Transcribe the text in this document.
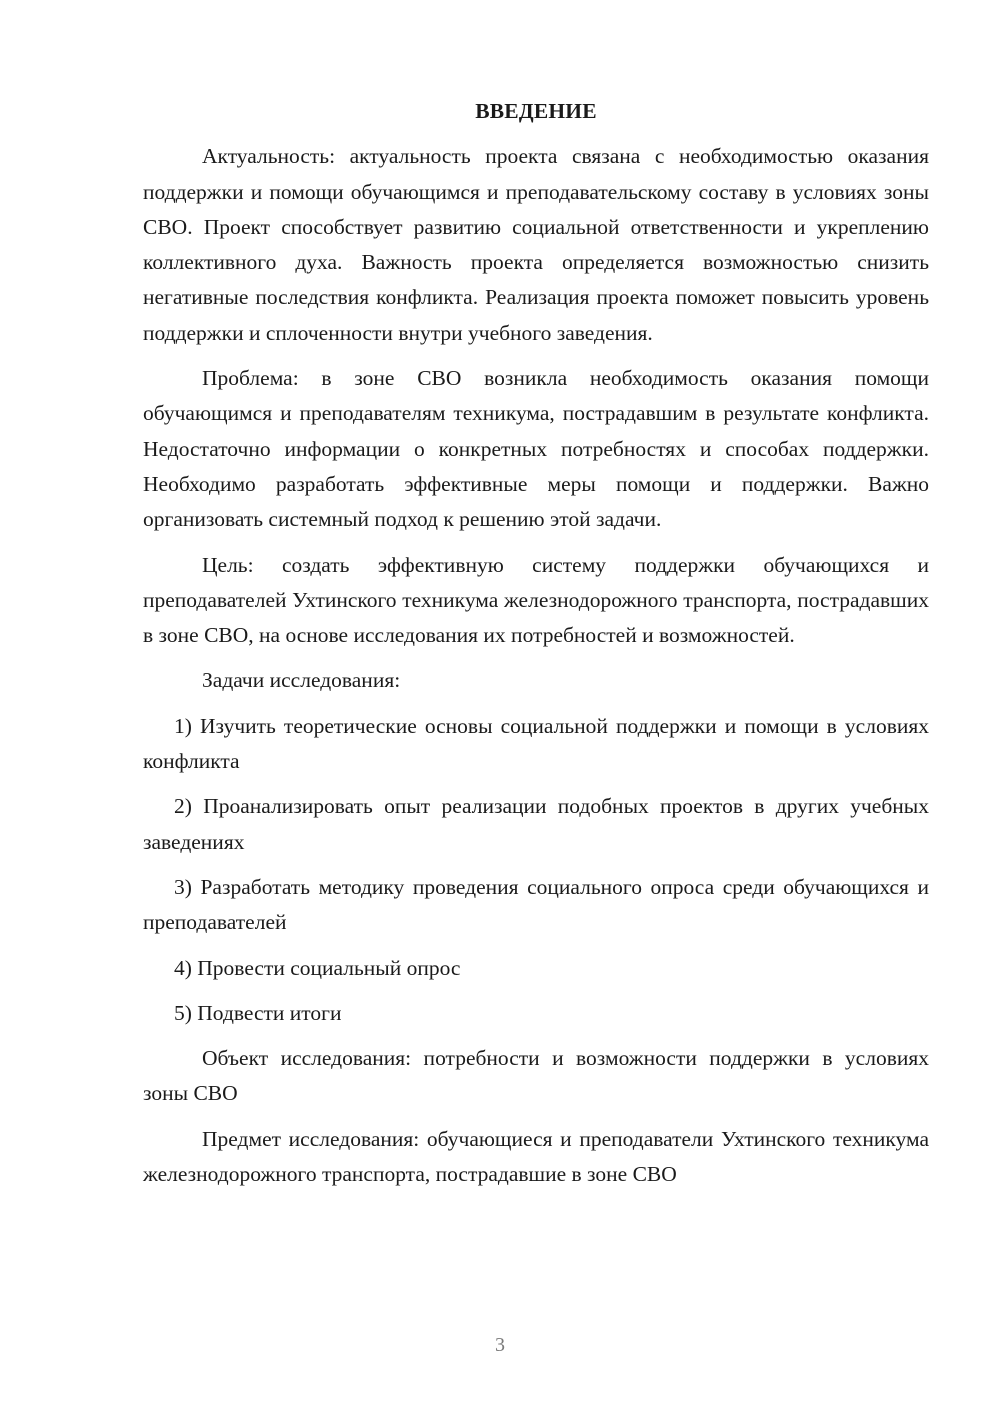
ВВЕДЕНИЕ

Актуальность: актуальность проекта связана с необходимостью оказания поддержки и помощи обучающимся и преподавательскому составу в условиях зоны СВО. Проект способствует развитию социальной ответственности и укреплению коллективного духа. Важность проекта определяется возможностью снизить негативные последствия конфликта. Реализация проекта поможет повысить уровень поддержки и сплоченности внутри учебного заведения.

Проблема: в зоне СВО возникла необходимость оказания помощи обучающимся и преподавателям техникума, пострадавшим в результате конфликта. Недостаточно информации о конкретных потребностях и способах поддержки. Необходимо разработать эффективные меры помощи и поддержки. Важно организовать системный подход к решению этой задачи.

Цель: создать эффективную систему поддержки обучающихся и преподавателей Ухтинского техникума железнодорожного транспорта, пострадавших в зоне СВО, на основе исследования их потребностей и возможностей.

Задачи исследования:

1) Изучить теоретические основы социальной поддержки и помощи в условиях конфликта

2) Проанализировать опыт реализации подобных проектов в других учебных заведениях

3) Разработать методику проведения социального опроса среди обучающихся и преподавателей

4) Провести социальный опрос

5) Подвести итоги

Объект исследования: потребности и возможности поддержки в условиях зоны СВО

Предмет исследования: обучающиеся и преподаватели Ухтинского техникума железнодорожного транспорта, пострадавшие в зоне СВО

3
